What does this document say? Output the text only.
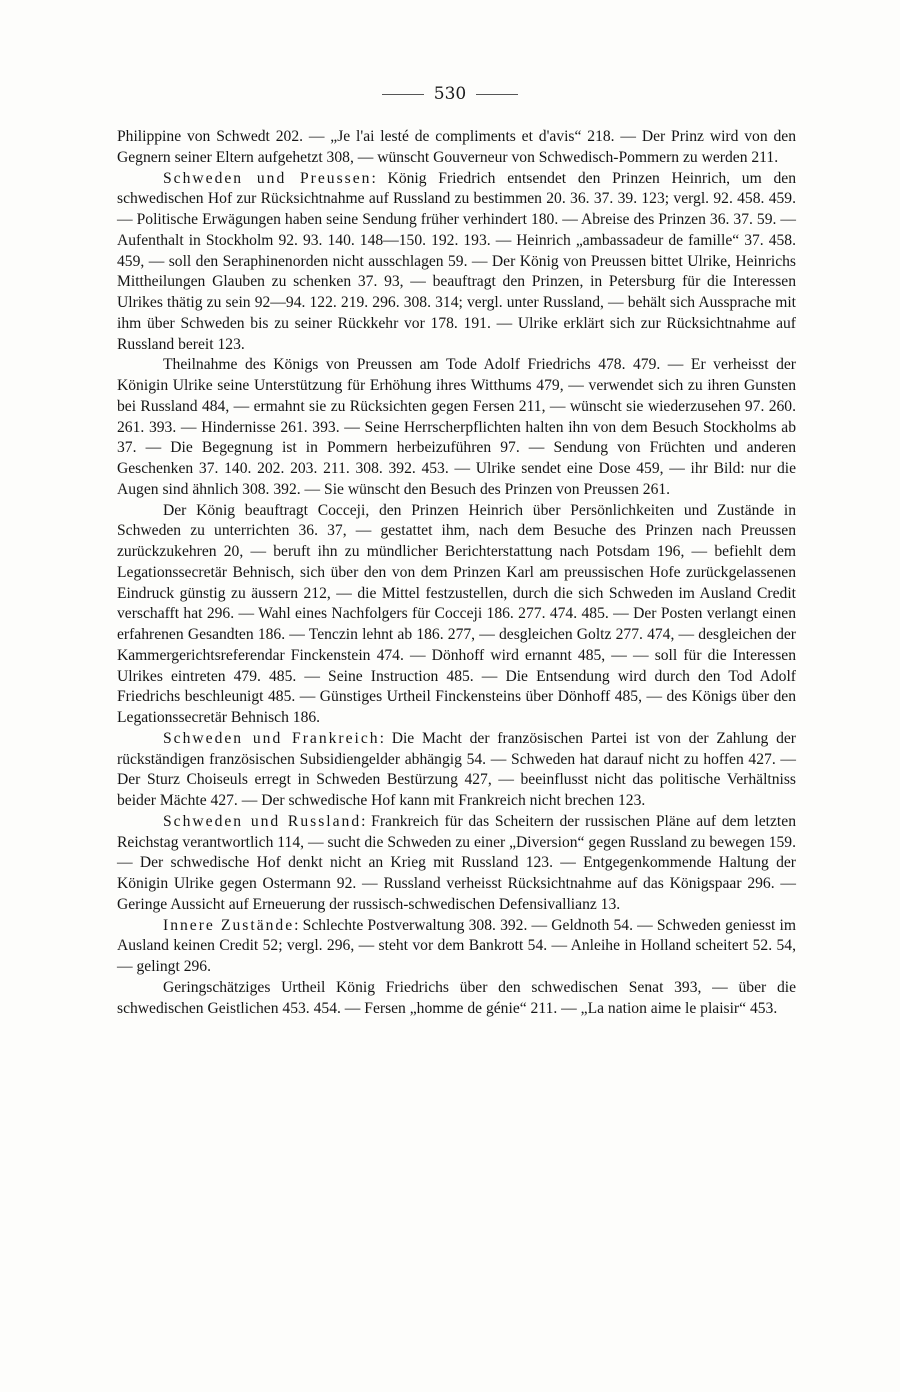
530

Philippine von Schwedt 202. — „Je l'ai lesté de compliments et d'avis“ 218. — Der Prinz wird von den Gegnern seiner Eltern aufgehetzt 308, — wünscht Gouverneur von Schwedisch-Pommern zu werden 211.

Schweden und Preussen: König Friedrich entsendet den Prinzen Heinrich, um den schwedischen Hof zur Rücksichtnahme auf Russland zu bestimmen 20. 36. 37. 39. 123; vergl. 92. 458. 459. — Politische Erwägungen haben seine Sendung früher verhindert 180. — Abreise des Prinzen 36. 37. 59. — Aufenthalt in Stockholm 92. 93. 140. 148—150. 192. 193. — Heinrich „ambassadeur de famille“ 37. 458. 459, — soll den Seraphinenorden nicht ausschlagen 59. — Der König von Preussen bittet Ulrike, Heinrichs Mittheilungen Glauben zu schenken 37. 93, — beauftragt den Prinzen, in Petersburg für die Interessen Ulrikes thätig zu sein 92—94. 122. 219. 296. 308. 314; vergl. unter Russland, — behält sich Aussprache mit ihm über Schweden bis zu seiner Rückkehr vor 178. 191. — Ulrike erklärt sich zur Rücksichtnahme auf Russland bereit 123.

Theilnahme des Königs von Preussen am Tode Adolf Friedrichs 478. 479. — Er verheisst der Königin Ulrike seine Unterstützung für Erhöhung ihres Witthums 479, — verwendet sich zu ihren Gunsten bei Russland 484, — ermahnt sie zu Rücksichten gegen Fersen 211, — wünscht sie wiederzusehen 97. 260. 261. 393. — Hindernisse 261. 393. — Seine Herrscherpflichten halten ihn von dem Besuch Stockholms ab 37. — Die Begegnung ist in Pommern herbeizuführen 97. — Sendung von Früchten und anderen Geschenken 37. 140. 202. 203. 211. 308. 392. 453. — Ulrike sendet eine Dose 459, — ihr Bild: nur die Augen sind ähnlich 308. 392. — Sie wünscht den Besuch des Prinzen von Preussen 261.

Der König beauftragt Cocceji, den Prinzen Heinrich über Persönlichkeiten und Zustände in Schweden zu unterrichten 36. 37, — gestattet ihm, nach dem Besuche des Prinzen nach Preussen zurückzukehren 20, — beruft ihn zu mündlicher Berichterstattung nach Potsdam 196, — befiehlt dem Legationssecretär Behnisch, sich über den von dem Prinzen Karl am preussischen Hofe zurückgelassenen Eindruck günstig zu äussern 212, — die Mittel festzustellen, durch die sich Schweden im Ausland Credit verschafft hat 296. — Wahl eines Nachfolgers für Cocceji 186. 277. 474. 485. — Der Posten verlangt einen erfahrenen Gesandten 186. — Tenczin lehnt ab 186. 277, — desgleichen Goltz 277. 474, — desgleichen der Kammergerichtsreferendar Finckenstein 474. — Dönhoff wird ernannt 485, — — soll für die Interessen Ulrikes eintreten 479. 485. — Seine Instruction 485. — Die Entsendung wird durch den Tod Adolf Friedrichs beschleunigt 485. — Günstiges Urtheil Finckensteins über Dönhoff 485, — des Königs über den Legationssecretär Behnisch 186.

Schweden und Frankreich: Die Macht der französischen Partei ist von der Zahlung der rückständigen französischen Subsidiengelder abhängig 54. — Schweden hat darauf nicht zu hoffen 427. — Der Sturz Choiseuls erregt in Schweden Bestürzung 427, — beeinflusst nicht das politische Verhältniss beider Mächte 427. — Der schwedische Hof kann mit Frankreich nicht brechen 123.

Schweden und Russland: Frankreich für das Scheitern der russischen Pläne auf dem letzten Reichstag verantwortlich 114, — sucht die Schweden zu einer „Diversion“ gegen Russland zu bewegen 159. — Der schwedische Hof denkt nicht an Krieg mit Russland 123. — Entgegenkommende Haltung der Königin Ulrike gegen Ostermann 92. — Russland verheisst Rücksichtnahme auf das Königspaar 296. — Geringe Aussicht auf Erneuerung der russisch-schwedischen Defensivallianz 13.

Innere Zustände: Schlechte Postverwaltung 308. 392. — Geldnoth 54. — Schweden geniesst im Ausland keinen Credit 52; vergl. 296, — steht vor dem Bankrott 54. — Anleihe in Holland scheitert 52. 54, — gelingt 296.

Geringschätziges Urtheil König Friedrichs über den schwedischen Senat 393, — über die schwedischen Geistlichen 453. 454. — Fersen „homme de génie“ 211. — „La nation aime le plaisir“ 453.
